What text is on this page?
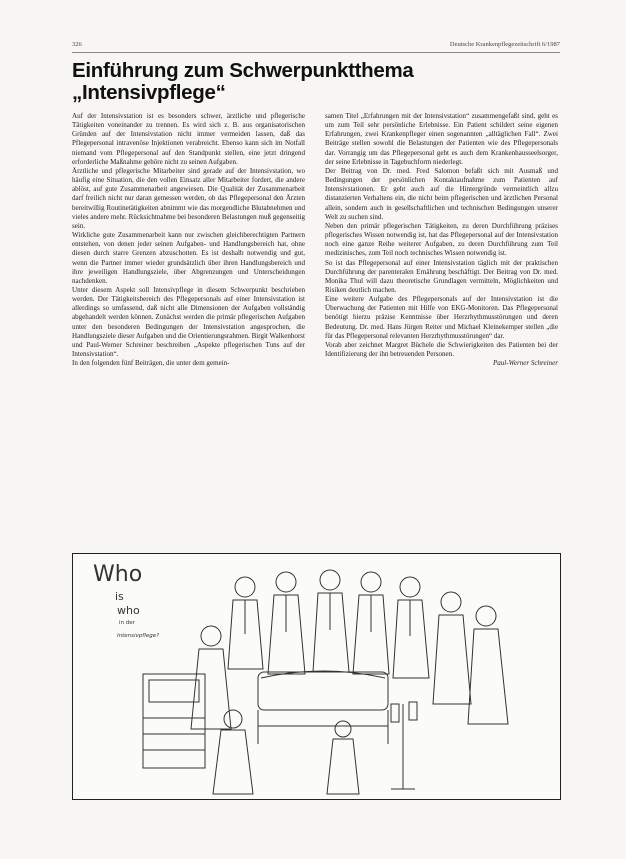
326	Deutsche Krankenpflegezeitschrift 6/1987
Einführung zum Schwerpunktthema
„Intensivpflege“

Auf der Intensivstation ist es besonders schwer, ärztliche und pflegerische Tätigkeiten voneinander zu trennen. Es wird sich z. B. aus organisatorischen Gründen auf der Intensivstation nicht immer vermeiden lassen, daß das Pflegepersonal intravenöse Injektionen verabreicht. Ebenso kann sich im Notfall niemand vom Pflegepersonal auf den Standpunkt stellen, eine jetzt dringend erforderliche Maßnahme gehöre nicht zu seinen Aufgaben.

Ärztliche und pflegerische Mitarbeiter sind gerade auf der Intensivstation, wo häufig eine Situation, die den vollen Einsatz aller Mitarbeiter fordert, die andere ablöst, auf gute Zusammenarbeit angewiesen. Die Qualität der Zusammenarbeit darf freilich nicht nur daran gemessen werden, ob das Pflegepersonal den Ärzten bereitwillig Routinetätigkeiten abnimmt wie das morgendliche Blutabnehmen und vieles andere mehr. Rücksichtnahme bei besonderen Belastungen muß gegenseitig sein.

Wirkliche gute Zusammenarbeit kann nur zwischen gleichberechtigten Partnern entstehen, von denen jeder seinen Aufgaben- und Handlungsbereich hat, ohne diesen durch starre Grenzen abzuschotten. Es ist deshalb notwendig und gut, wenn die Partner immer wieder grundsätzlich über ihren Handlungsbereich und ihre jeweiligen Handlungsziele, über Abgrenzungen und Unterscheidungen nachdenken.

Unter diesem Aspekt soll Intensivpflege in diesem Schwerpunkt beschrieben werden. Der Tätigkeitsbereich des Pflegepersonals auf einer Intensivstation ist allerdings so umfassend, daß nicht alle Dimensionen der Aufgaben vollständig abgehandelt werden können. Zunächst werden die primär pflegerischen Aufgaben unter den besonderen Bedingungen der Intensivstation angesprochen, die Handlungsziele dieser Aufgaben und die Orientierungsrahmen. Birgit Walkenhorst und Paul-Werner Schreiner beschreiben „Aspekte pflegerischen Tuns auf der Intensivstation“.

In den folgenden fünf Beiträgen, die unter dem gemein-

samen Titel „Erfahrungen mit der Intensivstation“ zusammengefaßt sind, geht es um zum Teil sehr persönliche Erlebnisse. Ein Patient schildert seine eigenen Erfahrungen, zwei Krankenpfleger einen sogenannten „alltäglichen Fall“. Zwei Beiträge stellen sowohl die Belastungen der Patienten wie des Pflegepersonals dar. Vorrangig um das Pflegepersonal geht es auch dem Krankenhausseelsorger, der seine Erlebnisse in Tagebuchform niederlegt.

Der Beitrag von Dr. med. Fred Salomon befaßt sich mit Ausmaß und Bedingungen der persönlichen Kontaktaufnahme zum Patienten auf Intensivstationen. Er geht auch auf die Hintergründe vermeintlich allzu distanzierten Verhaltens ein, die nicht beim pflegerischen und ärztlichen Personal allein, sondern auch in gesellschaftlichen und technischen Bedingungen unserer Welt zu suchen sind.

Neben den primär pflegerischen Tätigkeiten, zu deren Durchführung präzises pflegerisches Wissen notwendig ist, hat das Pflegepersonal auf der Intensivstation noch eine ganze Reihe weiterer Aufgaben, zu deren Durchführung zum Teil medizinisches, zum Teil noch technisches Wissen notwendig ist.

So ist das Pflegepersonal auf einer Intensivstation täglich mit der praktischen Durchführung der parenteralen Ernährung beschäftigt. Der Beitrag von Dr. med. Monika Thul will dazu theoretische Grundlagen vermitteln, Möglichkeiten und Risiken deutlich machen.

Eine weitere Aufgabe des Pflegepersonals auf der Intensivstation ist die Überwachung der Patienten mit Hilfe von EKG-Monitoren. Das Pflegepersonal benötigt hierzu präzise Kenntnisse über Herzrhythmusstörungen und deren Bedeutung. Dr. med. Hans Jürgen Reiter und Michael Kleinekemper stellen „die für das Pflegepersonal relevanten Herzrhythmusstörungen“ dar.

Vorab aber zeichnet Margret Büchele die Schwierigkeiten des Patienten bei der Identifizierung der ihn betreuenden Personen.

Paul-Werner Schreiner

Who
is
who
in der
Intensivpflege?
